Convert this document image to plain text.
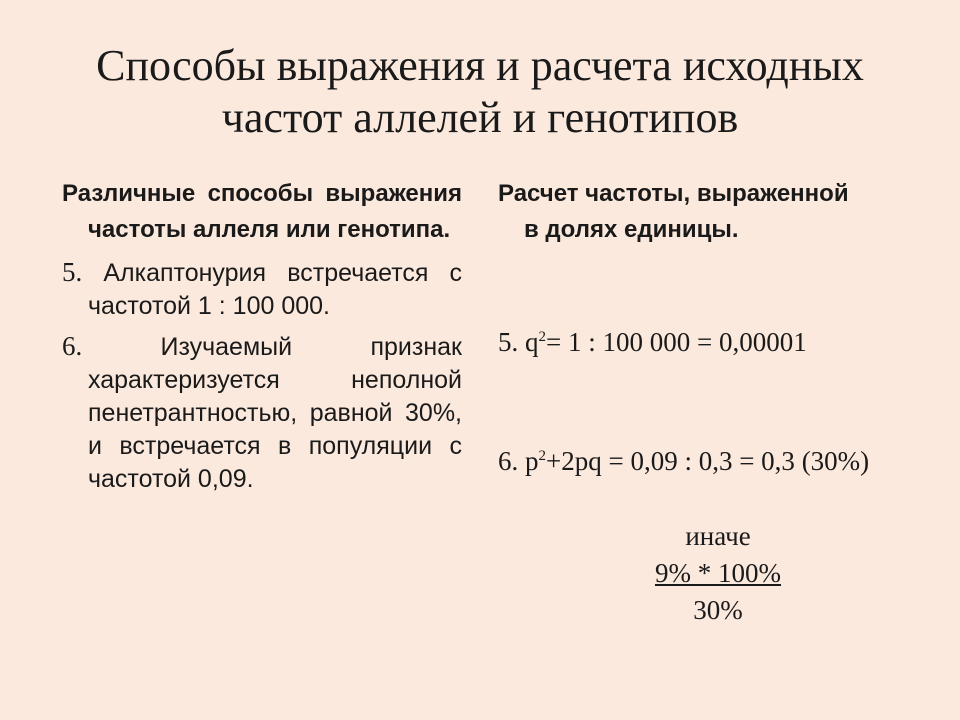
Способы выражения и расчета исходных
частот аллелей и генотипов
Различные способы выражения частоты аллеля или генотипа.
5. Алкаптонурия встречается с частотой 1 : 100 000.
6.	Изучаемый признак характеризуется неполной пенетрантностью, равной 30%, и встречается в популяции с частотой 0,09.
Расчет частоты, выраженной в долях единицы.
5. $q^2= 1$ : 100 000 = 0,00001
6. $p^2+2pq = 0,09$ : 0,3 = 0,3 (30%)
иначе
9% * 100%
30%
